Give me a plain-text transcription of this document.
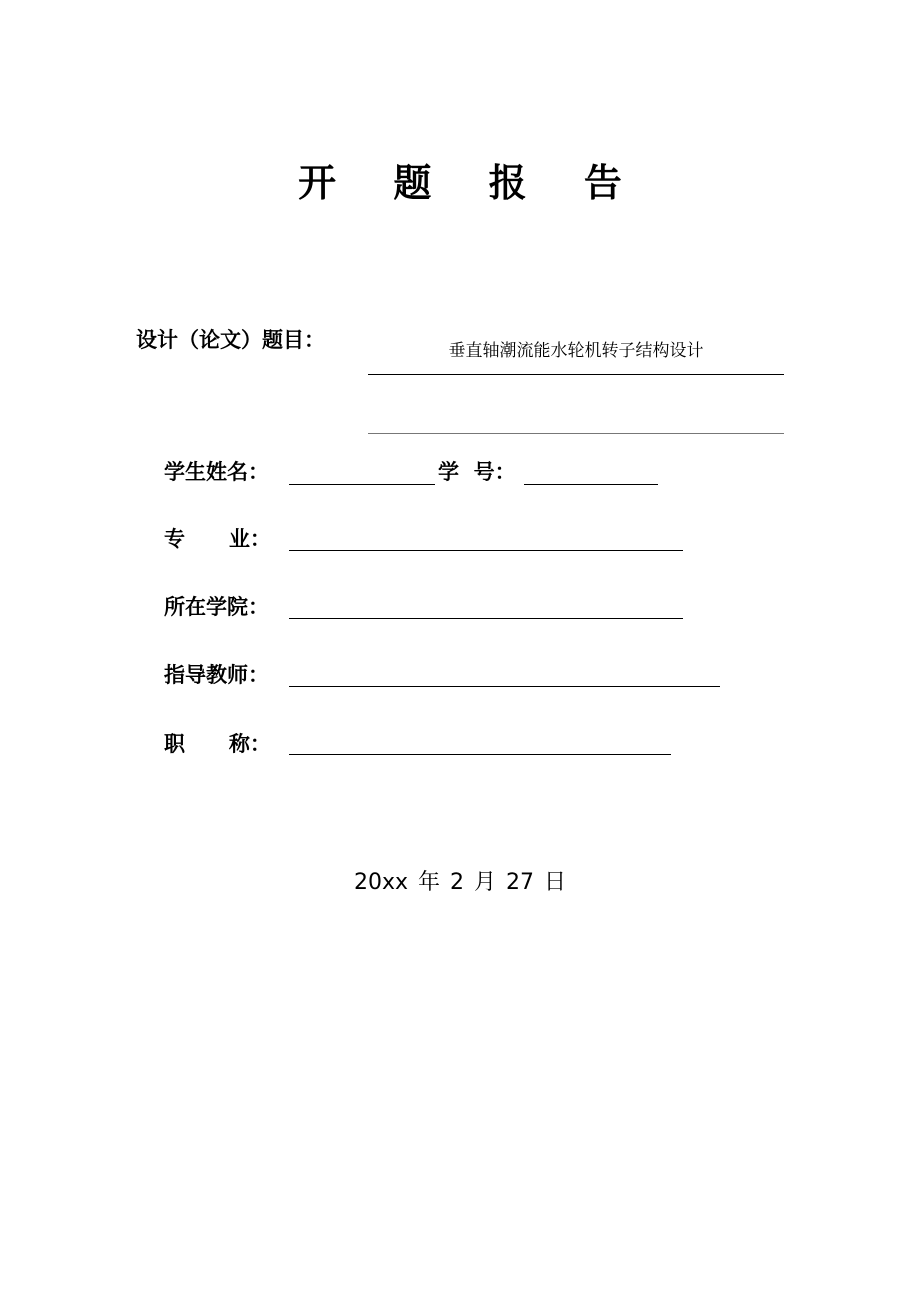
开 题 报 告
设计（论文）题目：	垂直轴潮流能水轮机转子结构设计
学生姓名：	学  号：
专      业：
所在学院：
指导教师：
职      称：
20xx 年 2 月 27 日
